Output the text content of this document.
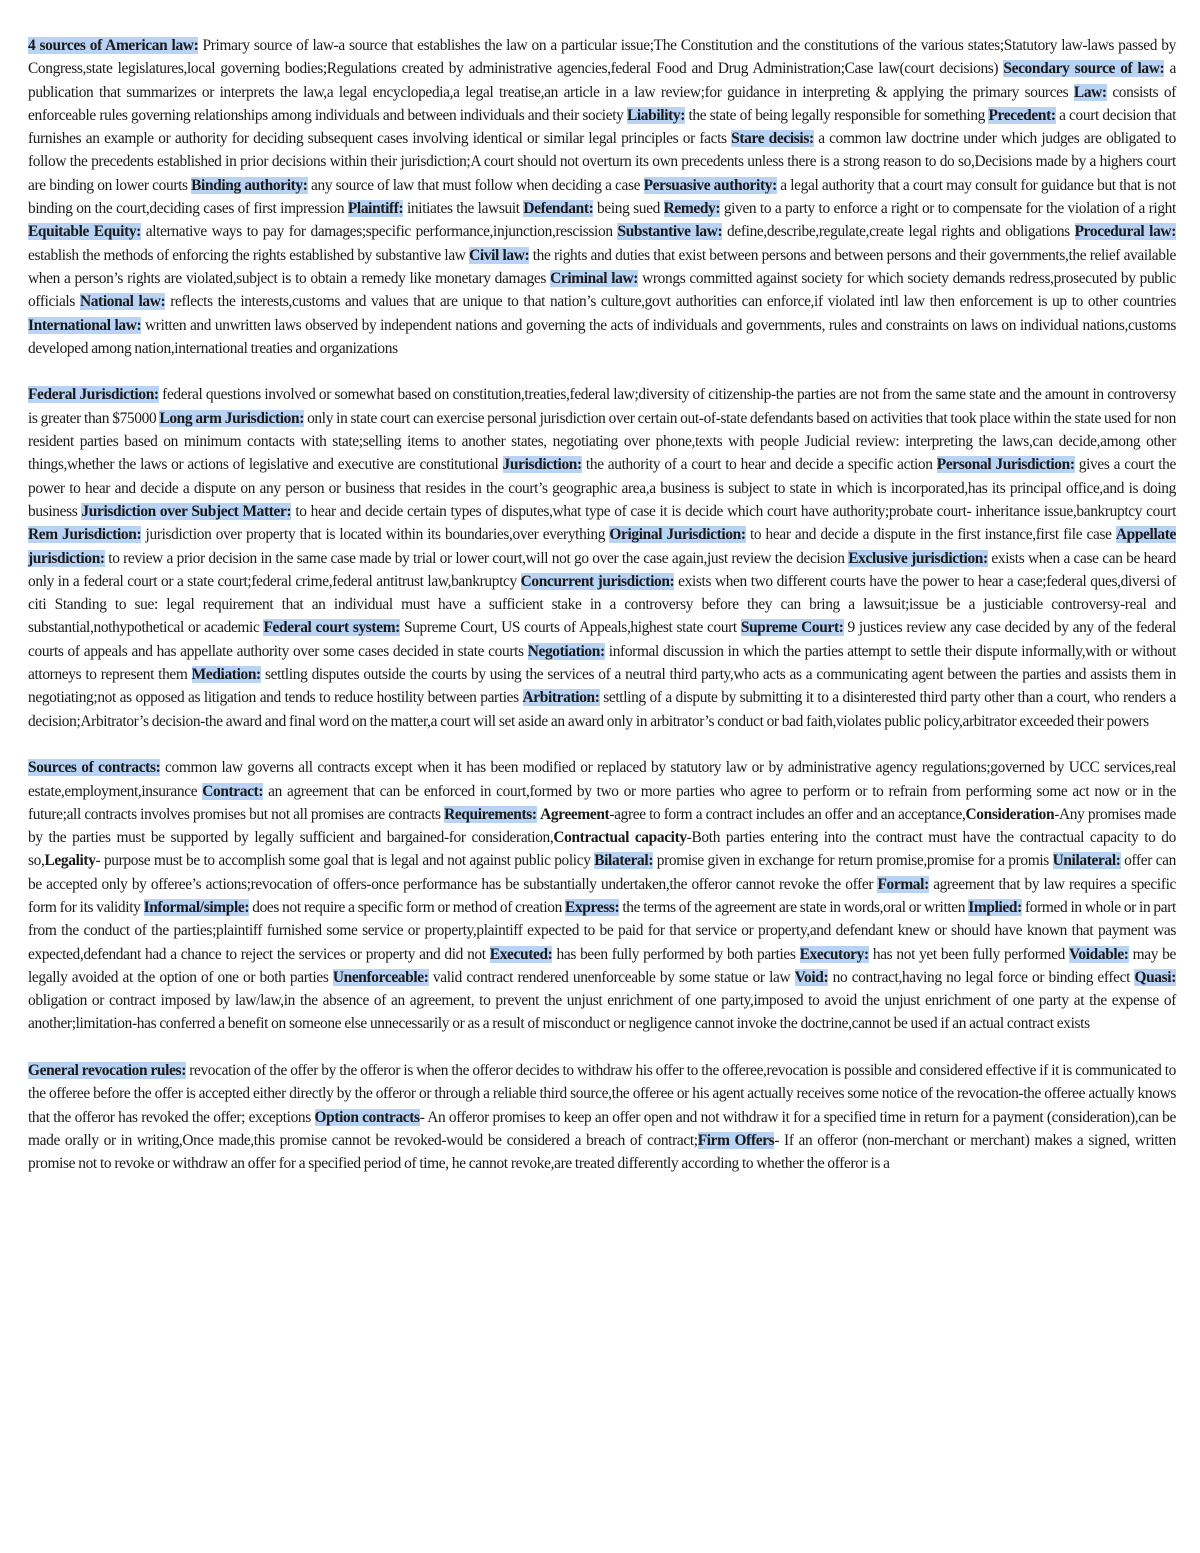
4 sources of American law: Primary source of law-a source that establishes the law on a particular issue;The Constitution and the constitutions of the various states;Statutory law-laws passed by Congress,state legislatures,local governing bodies;Regulations created by administrative agencies,federal Food and Drug Administration;Case law(court decisions) Secondary source of law: a publication that summarizes or interprets the law,a legal encyclopedia,a legal treatise,an article in a law review;for guidance in interpreting & applying the primary sources Law: consists of enforceable rules governing relationships among individuals and between individuals and their society Liability: the state of being legally responsible for something Precedent: a court decision that furnishes an example or authority for deciding subsequent cases involving identical or similar legal principles or facts Stare decisis: a common law doctrine under which judges are obligated to follow the precedents established in prior decisions within their jurisdiction;A court should not overturn its own precedents unless there is a strong reason to do so,Decisions made by a highers court are binding on lower courts Binding authority: any source of law that must follow when deciding a case Persuasive authority: a legal authority that a court may consult for guidance but that is not binding on the court,deciding cases of first impression Plaintiff: initiates the lawsuit Defendant: being sued Remedy: given to a party to enforce a right or to compensate for the violation of a right Equitable Equity: alternative ways to pay for damages;specific performance,injunction,rescission Substantive law: define,describe,regulate,create legal rights and obligations Procedural law: establish the methods of enforcing the rights established by substantive law Civil law: the rights and duties that exist between persons and between persons and their governments,the relief available when a person’s rights are violated,subject is to obtain a remedy like monetary damages Criminal law: wrongs committed against society for which society demands redress,prosecuted by public officials National law: reflects the interests,customs and values that are unique to that nation’s culture,govt authorities can enforce,if violated intl law then enforcement is up to other countries International law: written and unwritten laws observed by independent nations and governing the acts of individuals and governments, rules and constraints on laws on individual nations,customs developed among nation,international treaties and organizations

Federal Jurisdiction: federal questions involved or somewhat based on constitution,treaties,federal law;diversity of citizenship-the parties are not from the same state and the amount in controversy is greater than $75000 Long arm Jurisdiction: only in state court can exercise personal jurisdiction over certain out-of-state defendants based on activities that took place within the state used for non resident parties based on minimum contacts with state;selling items to another states, negotiating over phone,texts with people Judicial review: interpreting the laws,can decide,among other things,whether the laws or actions of legislative and executive are constitutional Jurisdiction: the authority of a court to hear and decide a specific action Personal Jurisdiction: gives a court the power to hear and decide a dispute on any person or business that resides in the court’s geographic area,a business is subject to state in which is incorporated,has its principal office,and is doing business Jurisdiction over Subject Matter: to hear and decide certain types of disputes,what type of case it is decide which court have authority;probate court- inheritance issue,bankruptcy court Rem Jurisdiction: jurisdiction over property that is located within its boundaries,over everything Original Jurisdiction: to hear and decide a dispute in the first instance,first file case Appellate jurisdiction: to review a prior decision in the same case made by trial or lower court,will not go over the case again,just review the decision Exclusive jurisdiction: exists when a case can be heard only in a federal court or a state court;federal crime,federal antitrust law,bankruptcy Concurrent jurisdiction: exists when two different courts have the power to hear a case;federal ques,diversi of citi Standing to sue: legal requirement that an individual must have a sufficient stake in a controversy before they can bring a lawsuit;issue be a justiciable controversy-real and substantial,nothypothetical or academic Federal court system: Supreme Court, US courts of Appeals,highest state court Supreme Court: 9 justices review any case decided by any of the federal courts of appeals and has appellate authority over some cases decided in state courts Negotiation: informal discussion in which the parties attempt to settle their dispute informally,with or without attorneys to represent them Mediation: settling disputes outside the courts by using the services of a neutral third party,who acts as a communicating agent between the parties and assists them in negotiating;not as opposed as litigation and tends to reduce hostility between parties Arbitration: settling of a dispute by submitting it to a disinterested third party other than a court, who renders a decision;Arbitrator’s decision-the award and final word on the matter,a court will set aside an award only in arbitrator’s conduct or bad faith,violates public policy,arbitrator exceeded their powers

Sources of contracts: common law governs all contracts except when it has been modified or replaced by statutory law or by administrative agency regulations;governed by UCC services,real estate,employment,insurance Contract: an agreement that can be enforced in court,formed by two or more parties who agree to perform or to refrain from performing some act now or in the future;all contracts involves promises but not all promises are contracts Requirements: Agreement-agree to form a contract includes an offer and an acceptance,Consideration-Any promises made by the parties must be supported by legally sufficient and bargained-for consideration,Contractual capacity-Both parties entering into the contract must have the contractual capacity to do so,Legality- purpose must be to accomplish some goal that is legal and not against public policy Bilateral: promise given in exchange for return promise,promise for a promis Unilateral: offer can be accepted only by offeree’s actions;revocation of offers-once performance has be substantially undertaken,the offeror cannot revoke the offer Formal: agreement that by law requires a specific form for its validity Informal/simple: does not require a specific form or method of creation Express: the terms of the agreement are state in words,oral or written Implied: formed in whole or in part from the conduct of the parties;plaintiff furnished some service or property,plaintiff expected to be paid for that service or property,and defendant knew or should have known that payment was expected,defendant had a chance to reject the services or property and did not Executed: has been fully performed by both parties Executory: has not yet been fully performed Voidable: may be legally avoided at the option of one or both parties Unenforceable: valid contract rendered unenforceable by some statue or law Void: no contract,having no legal force or binding effect Quasi: obligation or contract imposed by law/law,in the absence of an agreement, to prevent the unjust enrichment of one party,imposed to avoid the unjust enrichment of one party at the expense of another;limitation-has conferred a benefit on someone else unnecessarily or as a result of misconduct or negligence cannot invoke the doctrine,cannot be used if an actual contract exists

General revocation rules: revocation of the offer by the offeror is when the offeror decides to withdraw his offer to the offeree,revocation is possible and considered effective if it is communicated to the offeree before the offer is accepted either directly by the offeror or through a reliable third source,the offeree or his agent actually receives some notice of the revocation-the offeree actually knows that the offeror has revoked the offer; exceptions Option contracts- An offeror promises to keep an offer open and not withdraw it for a specified time in return for a payment (consideration),can be made orally or in writing,Once made,this promise cannot be revoked-would be considered a breach of contract;Firm Offers- If an offeror (non-merchant or merchant) makes a signed, written promise not to revoke or withdraw an offer for a specified period of time, he cannot revoke,are treated differently according to whether the offeror is a
